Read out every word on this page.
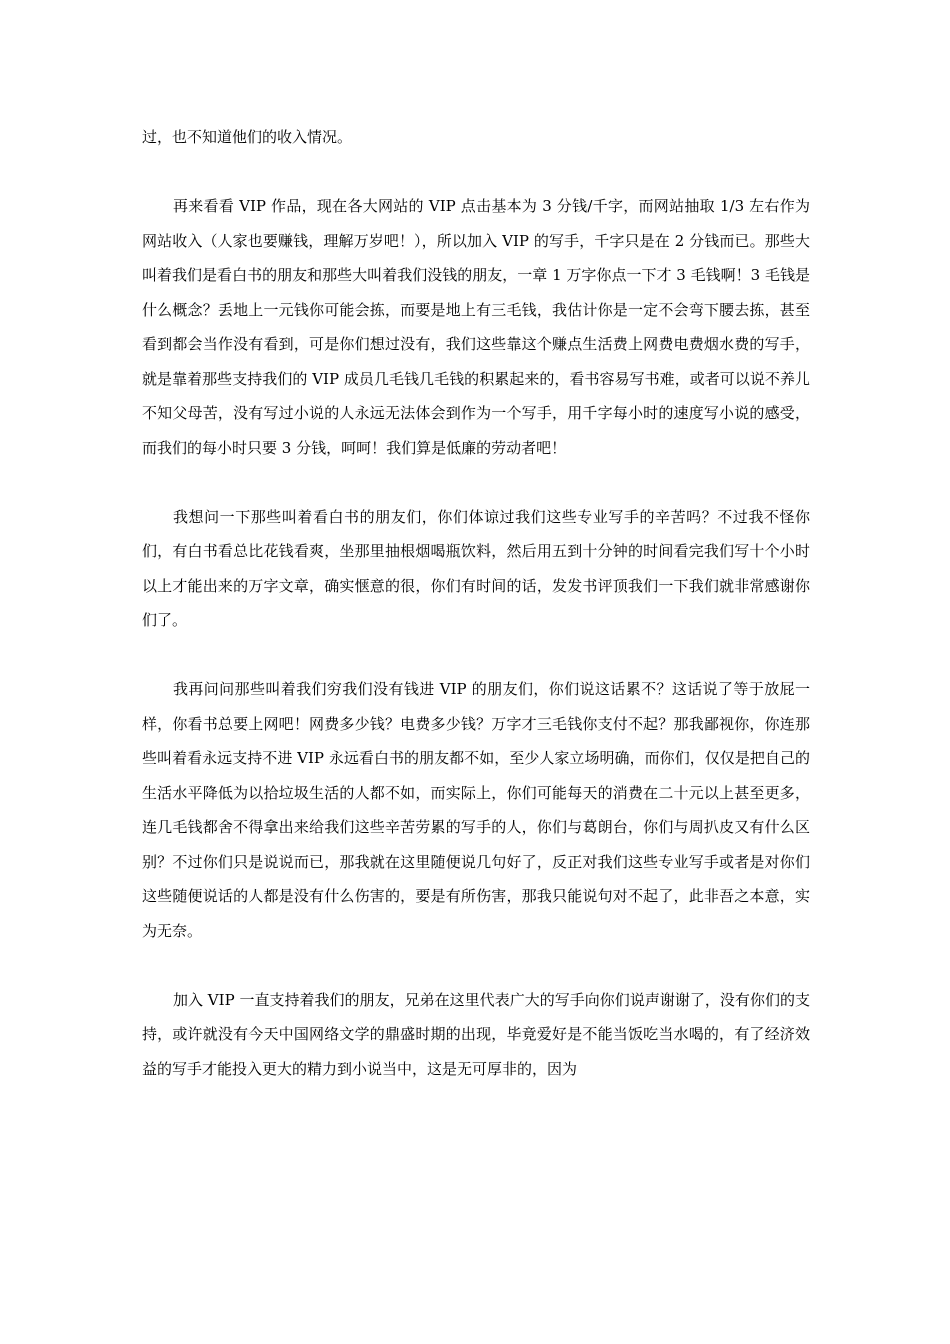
过，也不知道他们的收入情况。

再来看看 VIP 作品，现在各大网站的 VIP 点击基本为 3 分钱/千字，而网站抽取 1/3 左右作为网站收入（人家也要赚钱，理解万岁吧！），所以加入 VIP 的写手，千字只是在 2 分钱而已。那些大叫着我们是看白书的朋友和那些大叫着我们没钱的朋友，一章 1 万字你点一下才 3 毛钱啊！3 毛钱是什么概念？丢地上一元钱你可能会拣，而要是地上有三毛钱，我估计你是一定不会弯下腰去拣，甚至看到都会当作没有看到，可是你们想过没有，我们这些靠这个赚点生活费上网费电费烟水费的写手，就是靠着那些支持我们的 VIP 成员几毛钱几毛钱的积累起来的，看书容易写书难，或者可以说不养儿不知父母苦，没有写过小说的人永远无法体会到作为一个写手，用千字每小时的速度写小说的感受，而我们的每小时只要 3 分钱，呵呵！我们算是低廉的劳动者吧！

我想问一下那些叫着看白书的朋友们，你们体谅过我们这些专业写手的辛苦吗？不过我不怪你们，有白书看总比花钱看爽，坐那里抽根烟喝瓶饮料，然后用五到十分钟的时间看完我们写十个小时以上才能出来的万字文章，确实惬意的很，你们有时间的话，发发书评顶我们一下我们就非常感谢你们了。

我再问问那些叫着我们穷我们没有钱进 VIP 的朋友们，你们说这话累不？这话说了等于放屁一样，你看书总要上网吧！网费多少钱？电费多少钱？万字才三毛钱你支付不起？那我鄙视你，你连那些叫着看永远支持不进 VIP 永远看白书的朋友都不如，至少人家立场明确，而你们，仅仅是把自己的生活水平降低为以拾垃圾生活的人都不如，而实际上，你们可能每天的消费在二十元以上甚至更多，连几毛钱都舍不得拿出来给我们这些辛苦劳累的写手的人，你们与葛朗台，你们与周扒皮又有什么区别？不过你们只是说说而已，那我就在这里随便说几句好了，反正对我们这些专业写手或者是对你们这些随便说话的人都是没有什么伤害的，要是有所伤害，那我只能说句对不起了，此非吾之本意，实为无奈。

加入 VIP 一直支持着我们的朋友，兄弟在这里代表广大的写手向你们说声谢谢了，没有你们的支持，或许就没有今天中国网络文学的鼎盛时期的出现，毕竟爱好是不能当饭吃当水喝的，有了经济效益的写手才能投入更大的精力到小说当中，这是无可厚非的，因为
